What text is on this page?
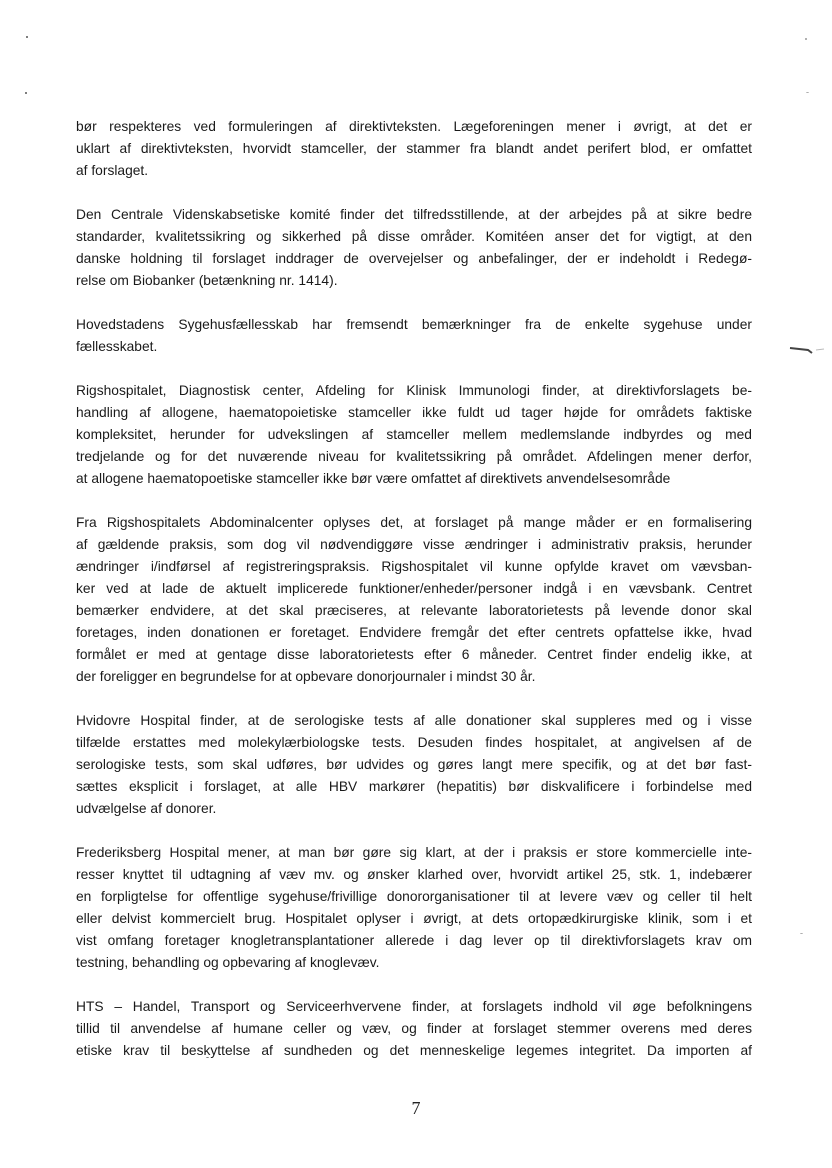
bør respekteres ved formuleringen af direktivteksten. Lægeforeningen mener i øvrigt, at det er
uklart af direktivteksten, hvorvidt stamceller, der stammer fra blandt andet perifert blod, er omfattet
af forslaget.

Den Centrale Videnskabsetiske komité finder det tilfredsstillende, at der arbejdes på at sikre bedre
standarder, kvalitetssikring og sikkerhed på disse områder. Komitéen anser det for vigtigt, at den
danske holdning til forslaget inddrager de overvejelser og anbefalinger, der er indeholdt i Redegø-
relse om Biobanker (betænkning nr. 1414).

Hovedstadens Sygehusfællesskab har fremsendt bemærkninger fra de enkelte sygehuse under
fællesskabet.

Rigshospitalet, Diagnostisk center, Afdeling for Klinisk Immunologi finder, at direktivforslagets be-
handling af allogene, haematopoietiske stamceller ikke fuldt ud tager højde for områdets faktiske
kompleksitet, herunder for udvekslingen af stamceller mellem medlemslande indbyrdes og med
tredjelande og for det nuværende niveau for kvalitetssikring på området. Afdelingen mener derfor,
at allogene haematopoetiske stamceller ikke bør være omfattet af direktivets anvendelsesområde

Fra Rigshospitalets Abdominalcenter oplyses det, at forslaget på mange måder er en formalisering
af gældende praksis, som dog vil nødvendiggøre visse ændringer i administrativ praksis, herunder
ændringer i/indførsel af registreringspraksis. Rigshospitalet vil kunne opfylde kravet om vævsban-
ker ved at lade de aktuelt implicerede funktioner/enheder/personer indgå i en vævsbank. Centret
bemærker endvidere, at det skal præciseres, at relevante laboratorietests på levende donor skal
foretages, inden donationen er foretaget. Endvidere fremgår det efter centrets opfattelse ikke, hvad
formålet er med at gentage disse laboratorietests efter 6 måneder. Centret finder endelig ikke, at
der foreligger en begrundelse for at opbevare donorjournaler i mindst 30 år.

Hvidovre Hospital finder, at de serologiske tests af alle donationer skal suppleres med og i visse
tilfælde erstattes med molekylærbiologske tests. Desuden findes hospitalet, at angivelsen af de
serologiske tests, som skal udføres, bør udvides og gøres langt mere specifik, og at det bør fast-
sættes eksplicit i forslaget, at alle HBV markører (hepatitis) bør diskvalificere i forbindelse med
udvælgelse af donorer.

Frederiksberg Hospital mener, at man bør gøre sig klart, at der i praksis er store kommercielle inte-
resser knyttet til udtagning af væv mv. og ønsker klarhed over, hvorvidt artikel 25, stk. 1, indebærer
en forpligtelse for offentlige sygehuse/frivillige donororganisationer til at levere væv og celler til helt
eller delvist kommercielt brug. Hospitalet oplyser i øvrigt, at dets ortopædkirurgiske klinik, som i et
vist omfang foretager knogletransplantationer allerede i dag lever op til direktivforslagets krav om
testning, behandling og opbevaring af knoglevæv.

HTS – Handel, Transport og Serviceerhvervene finder, at forslagets indhold vil øge befolkningens
tillid til anvendelse af humane celler og væv, og finder at forslaget stemmer overens med deres
etiske krav til beskyttelse af sundheden og det menneskelige legemes integritet. Da importen af

7
